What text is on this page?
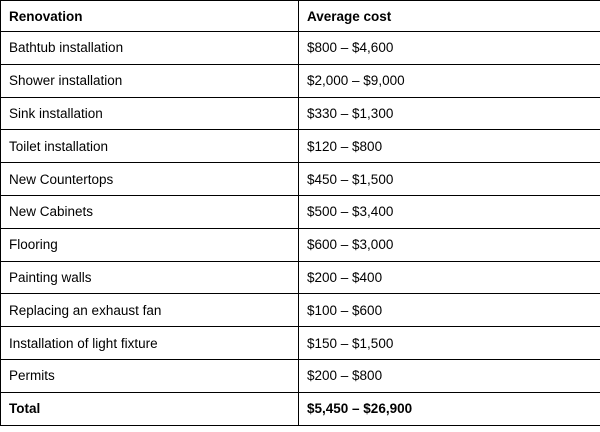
Renovation	Average cost
Bathtub installation	$800 – $4,600
Shower installation	$2,000 – $9,000
Sink installation	$330 – $1,300
Toilet installation	$120 – $800
New Countertops	$450 – $1,500
New Cabinets	$500 – $3,400
Flooring	$600 – $3,000
Painting walls	$200 – $400
Replacing an exhaust fan	$100 – $600
Installation of light fixture	$150 – $1,500
Permits	$200 – $800
Total	$5,450 – $26,900
